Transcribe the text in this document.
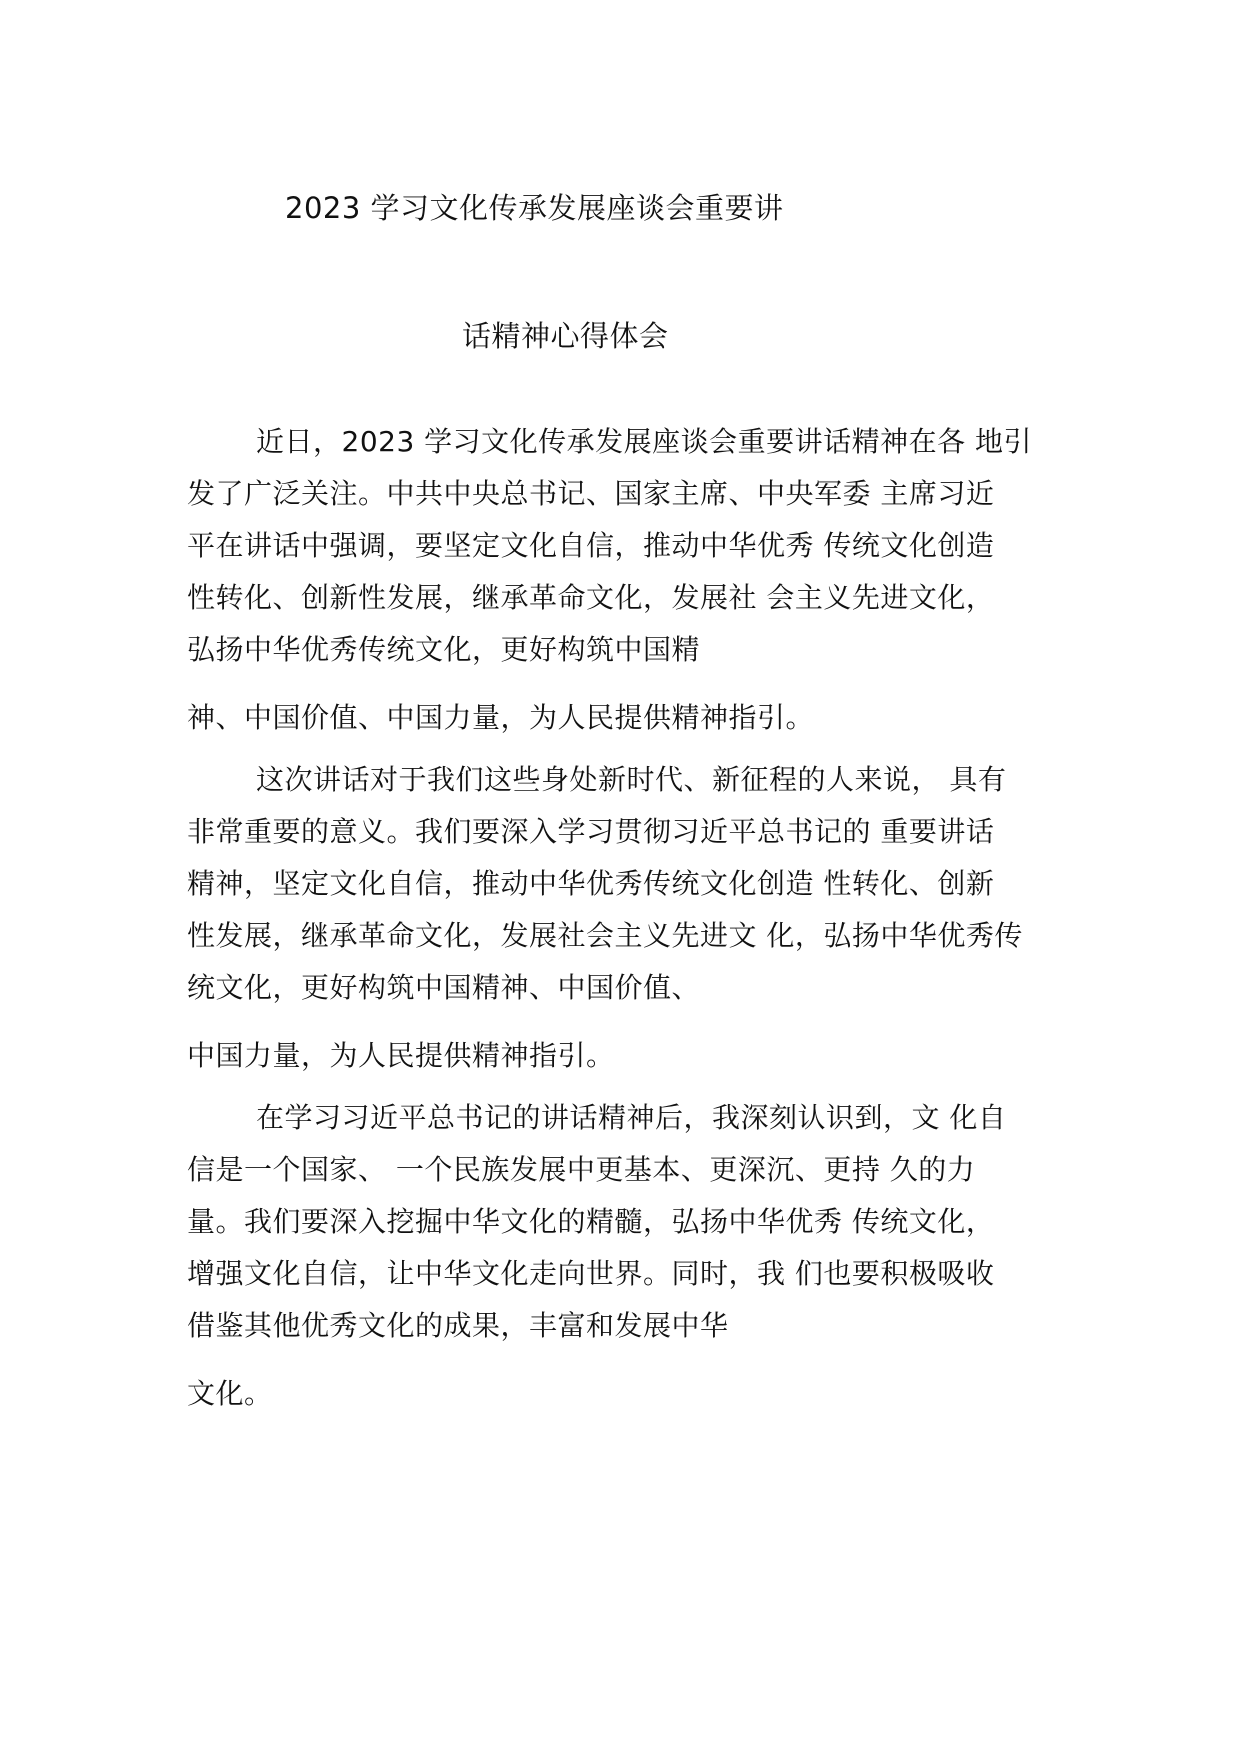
2023 学习文化传承发展座谈会重要讲
话精神心得体会
近日，2023 学习文化传承发展座谈会重要讲话精神在各 地引
发了广泛关注。中共中央总书记、国家主席、中央军委 主席习近
平在讲话中强调，要坚定文化自信，推动中华优秀 传统文化创造
性转化、创新性发展，继承革命文化，发展社 会主义先进文化，
弘扬中华优秀传统文化，更好构筑中国精
神、中国价值、中国力量，为人民提供精神指引。
这次讲话对于我们这些身处新时代、新征程的人来说， 具有
非常重要的意义。我们要深入学习贯彻习近平总书记的 重要讲话
精神，坚定文化自信，推动中华优秀传统文化创造 性转化、创新
性发展，继承革命文化，发展社会主义先进文 化，弘扬中华优秀传
统文化，更好构筑中国精神、中国价值、
中国力量，为人民提供精神指引。
在学习习近平总书记的讲话精神后，我深刻认识到，文 化自
信是一个国家、 一个民族发展中更基本、更深沉、更持 久的力
量。我们要深入挖掘中华文化的精髓，弘扬中华优秀 传统文化，
增强文化自信，让中华文化走向世界。同时，我 们也要积极吸收
借鉴其他优秀文化的成果，丰富和发展中华
文化。
